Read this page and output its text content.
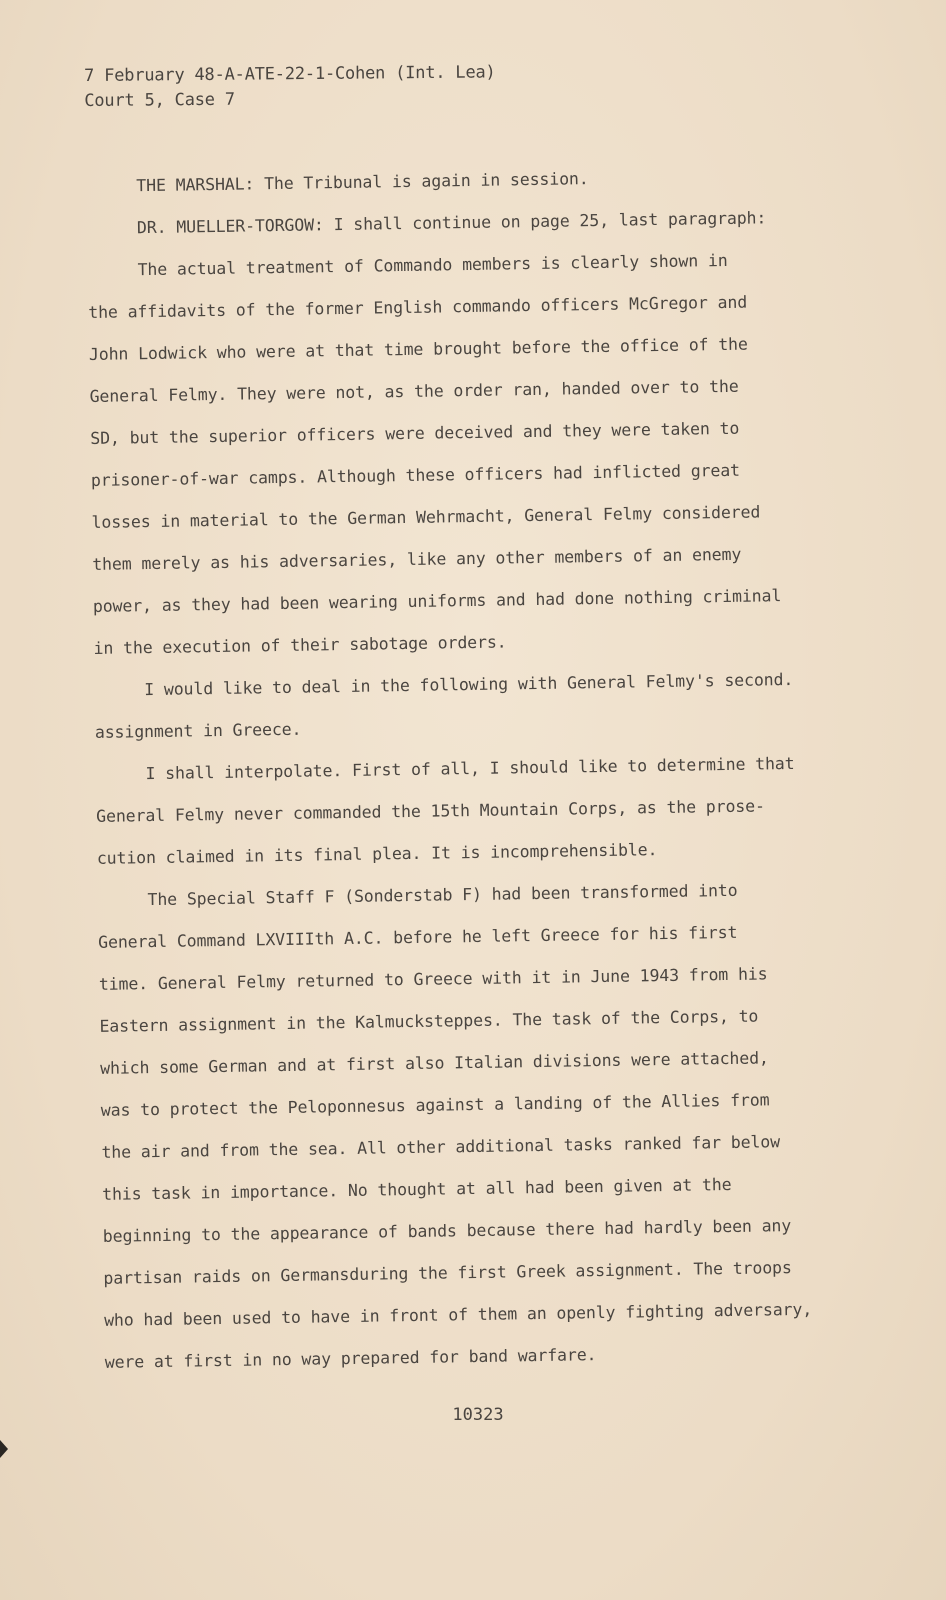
7 February 48-A-ATE-22-1-Cohen (Int. Lea)
Court 5, Case 7
THE MARSHAL: The Tribunal is again in session.
DR. MUELLER-TORGOW: I shall continue on page 25, last paragraph:
The actual treatment of Commando members is clearly shown in
the affidavits of the former English commando officers McGregor and
John Lodwick who were at that time brought before the office of the
General Felmy. They were not, as the order ran, handed over to the
SD, but the superior officers were deceived and they were taken to
prisoner-of-war camps. Although these officers had inflicted great
losses in material to the German Wehrmacht, General Felmy considered
them merely as his adversaries, like any other members of an enemy
power, as they had been wearing uniforms and had done nothing criminal
in the execution of their sabotage orders.
I would like to deal in the following with General Felmy's second.
assignment in Greece.
I shall interpolate. First of all, I should like to determine that
General Felmy never commanded the 15th Mountain Corps, as the prose-
cution claimed in its final plea. It is incomprehensible.
The Special Staff F (Sonderstab F) had been transformed into
General Command LXVIIIth A.C. before he left Greece for his first
time. General Felmy returned to Greece with it in June 1943 from his
Eastern assignment in the Kalmucksteppes. The task of the Corps, to
which some German and at first also Italian divisions were attached,
was to protect the Peloponnesus against a landing of the Allies from
the air and from the sea. All other additional tasks ranked far below
this task in importance. No thought at all had been given at the
beginning to the appearance of bands because there had hardly been any
partisan raids on Germansduring the first Greek assignment. The troops
who had been used to have in front of them an openly fighting adversary,
were at first in no way prepared for band warfare.
10323
